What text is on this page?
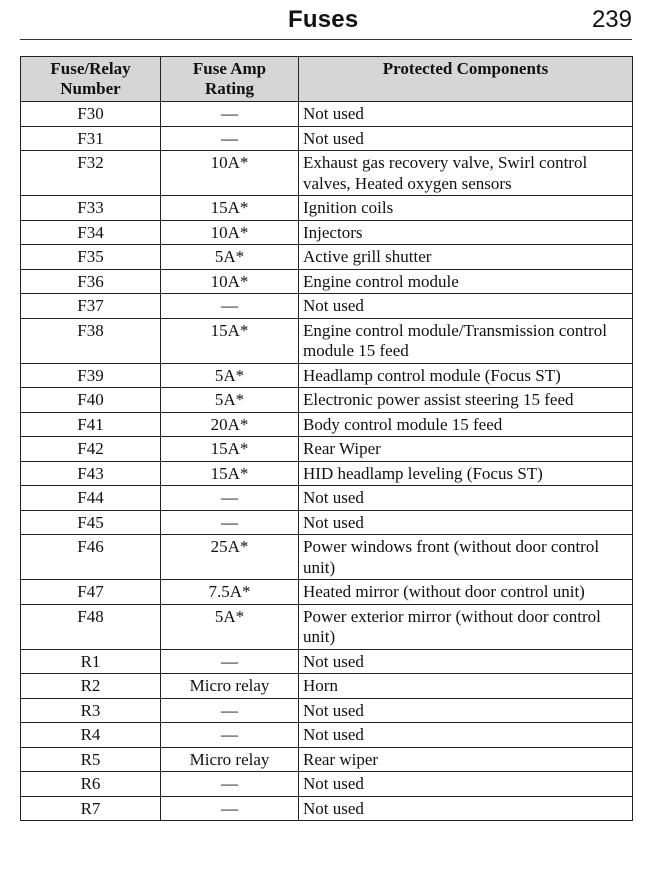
Fuses	239
Fuse/Relay Number	Fuse Amp Rating	Protected Components
F30	—	Not used
F31	—	Not used
F32	10A*	Exhaust gas recovery valve, Swirl control valves, Heated oxygen sensors
F33	15A*	Ignition coils
F34	10A*	Injectors
F35	5A*	Active grill shutter
F36	10A*	Engine control module
F37	—	Not used
F38	15A*	Engine control module/Transmission control module 15 feed
F39	5A*	Headlamp control module (Focus ST)
F40	5A*	Electronic power assist steering 15 feed
F41	20A*	Body control module 15 feed
F42	15A*	Rear Wiper
F43	15A*	HID headlamp leveling (Focus ST)
F44	—	Not used
F45	—	Not used
F46	25A*	Power windows front (without door control unit)
F47	7.5A*	Heated mirror (without door control unit)
F48	5A*	Power exterior mirror (without door control unit)
R1	—	Not used
R2	Micro relay	Horn
R3	—	Not used
R4	—	Not used
R5	Micro relay	Rear wiper
R6	—	Not used
R7	—	Not used
